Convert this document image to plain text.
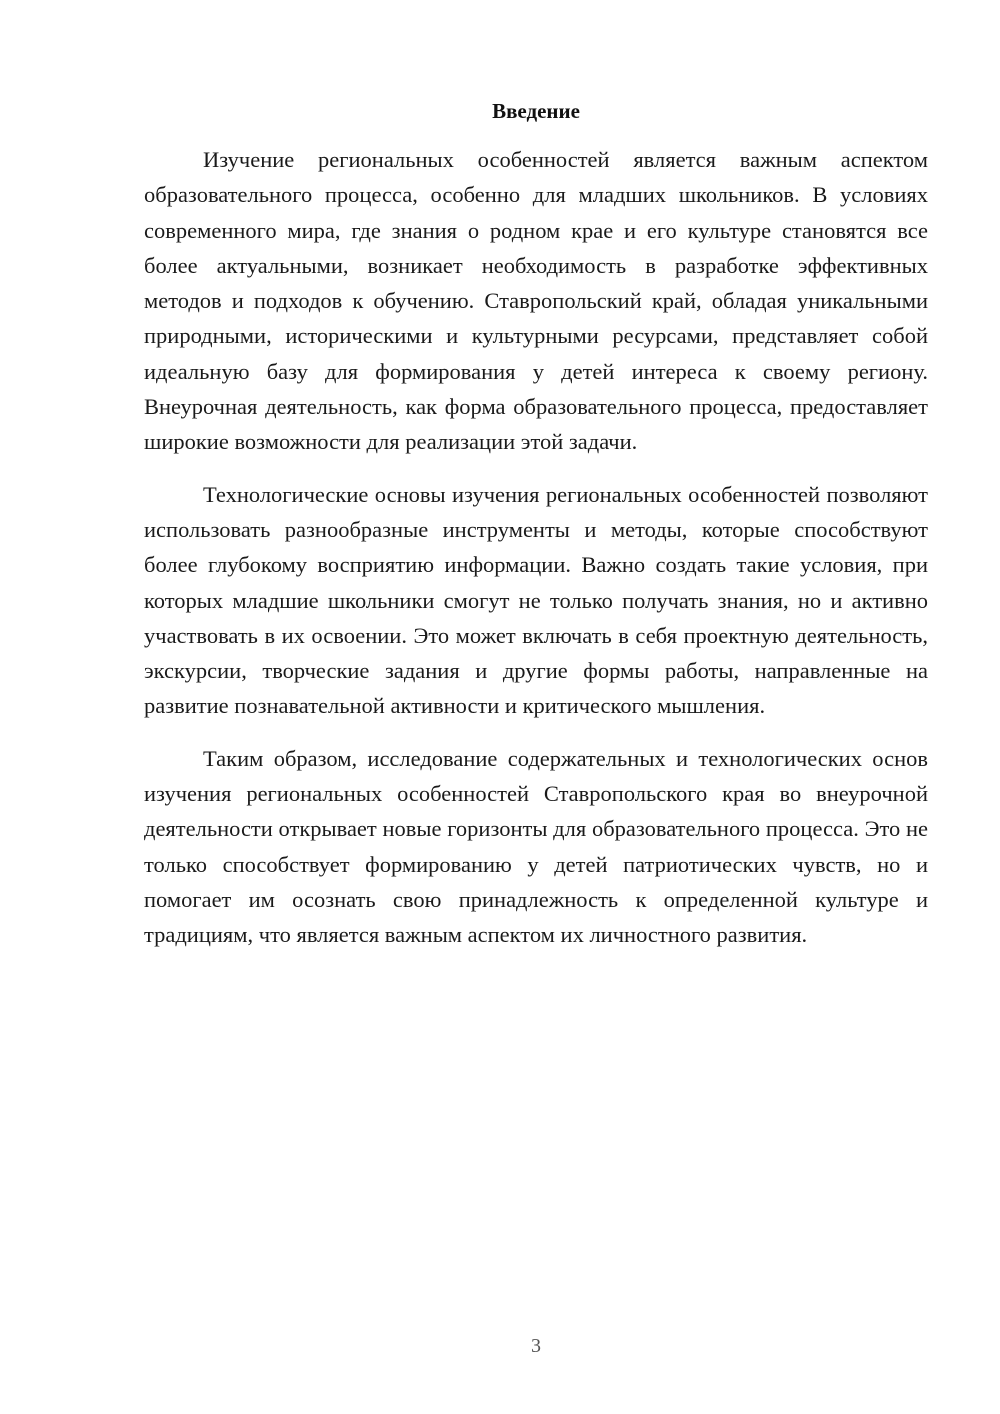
Введение

Изучение региональных особенностей является важным аспектом образовательного процесса, особенно для младших школьников. В условиях современного мира, где знания о родном крае и его культуре становятся все более актуальными, возникает необходимость в разработке эффективных методов и подходов к обучению. Ставропольский край, обладая уникальными природными, историческими и культурными ресурсами, представляет собой идеальную базу для формирования у детей интереса к своему региону. Внеурочная деятельность, как форма образовательного процесса, предоставляет широкие возможности для реализации этой задачи.

Технологические основы изучения региональных особенностей позволяют использовать разнообразные инструменты и методы, которые способствуют более глубокому восприятию информации. Важно создать такие условия, при которых младшие школьники смогут не только получать знания, но и активно участвовать в их освоении. Это может включать в себя проектную деятельность, экскурсии, творческие задания и другие формы работы, направленные на развитие познавательной активности и критического мышления.

Таким образом, исследование содержательных и технологических основ изучения региональных особенностей Ставропольского края во внеурочной деятельности открывает новые горизонты для образовательного процесса. Это не только способствует формированию у детей патриотических чувств, но и помогает им осознать свою принадлежность к определенной культуре и традициям, что является важным аспектом их личностного развития.

3
